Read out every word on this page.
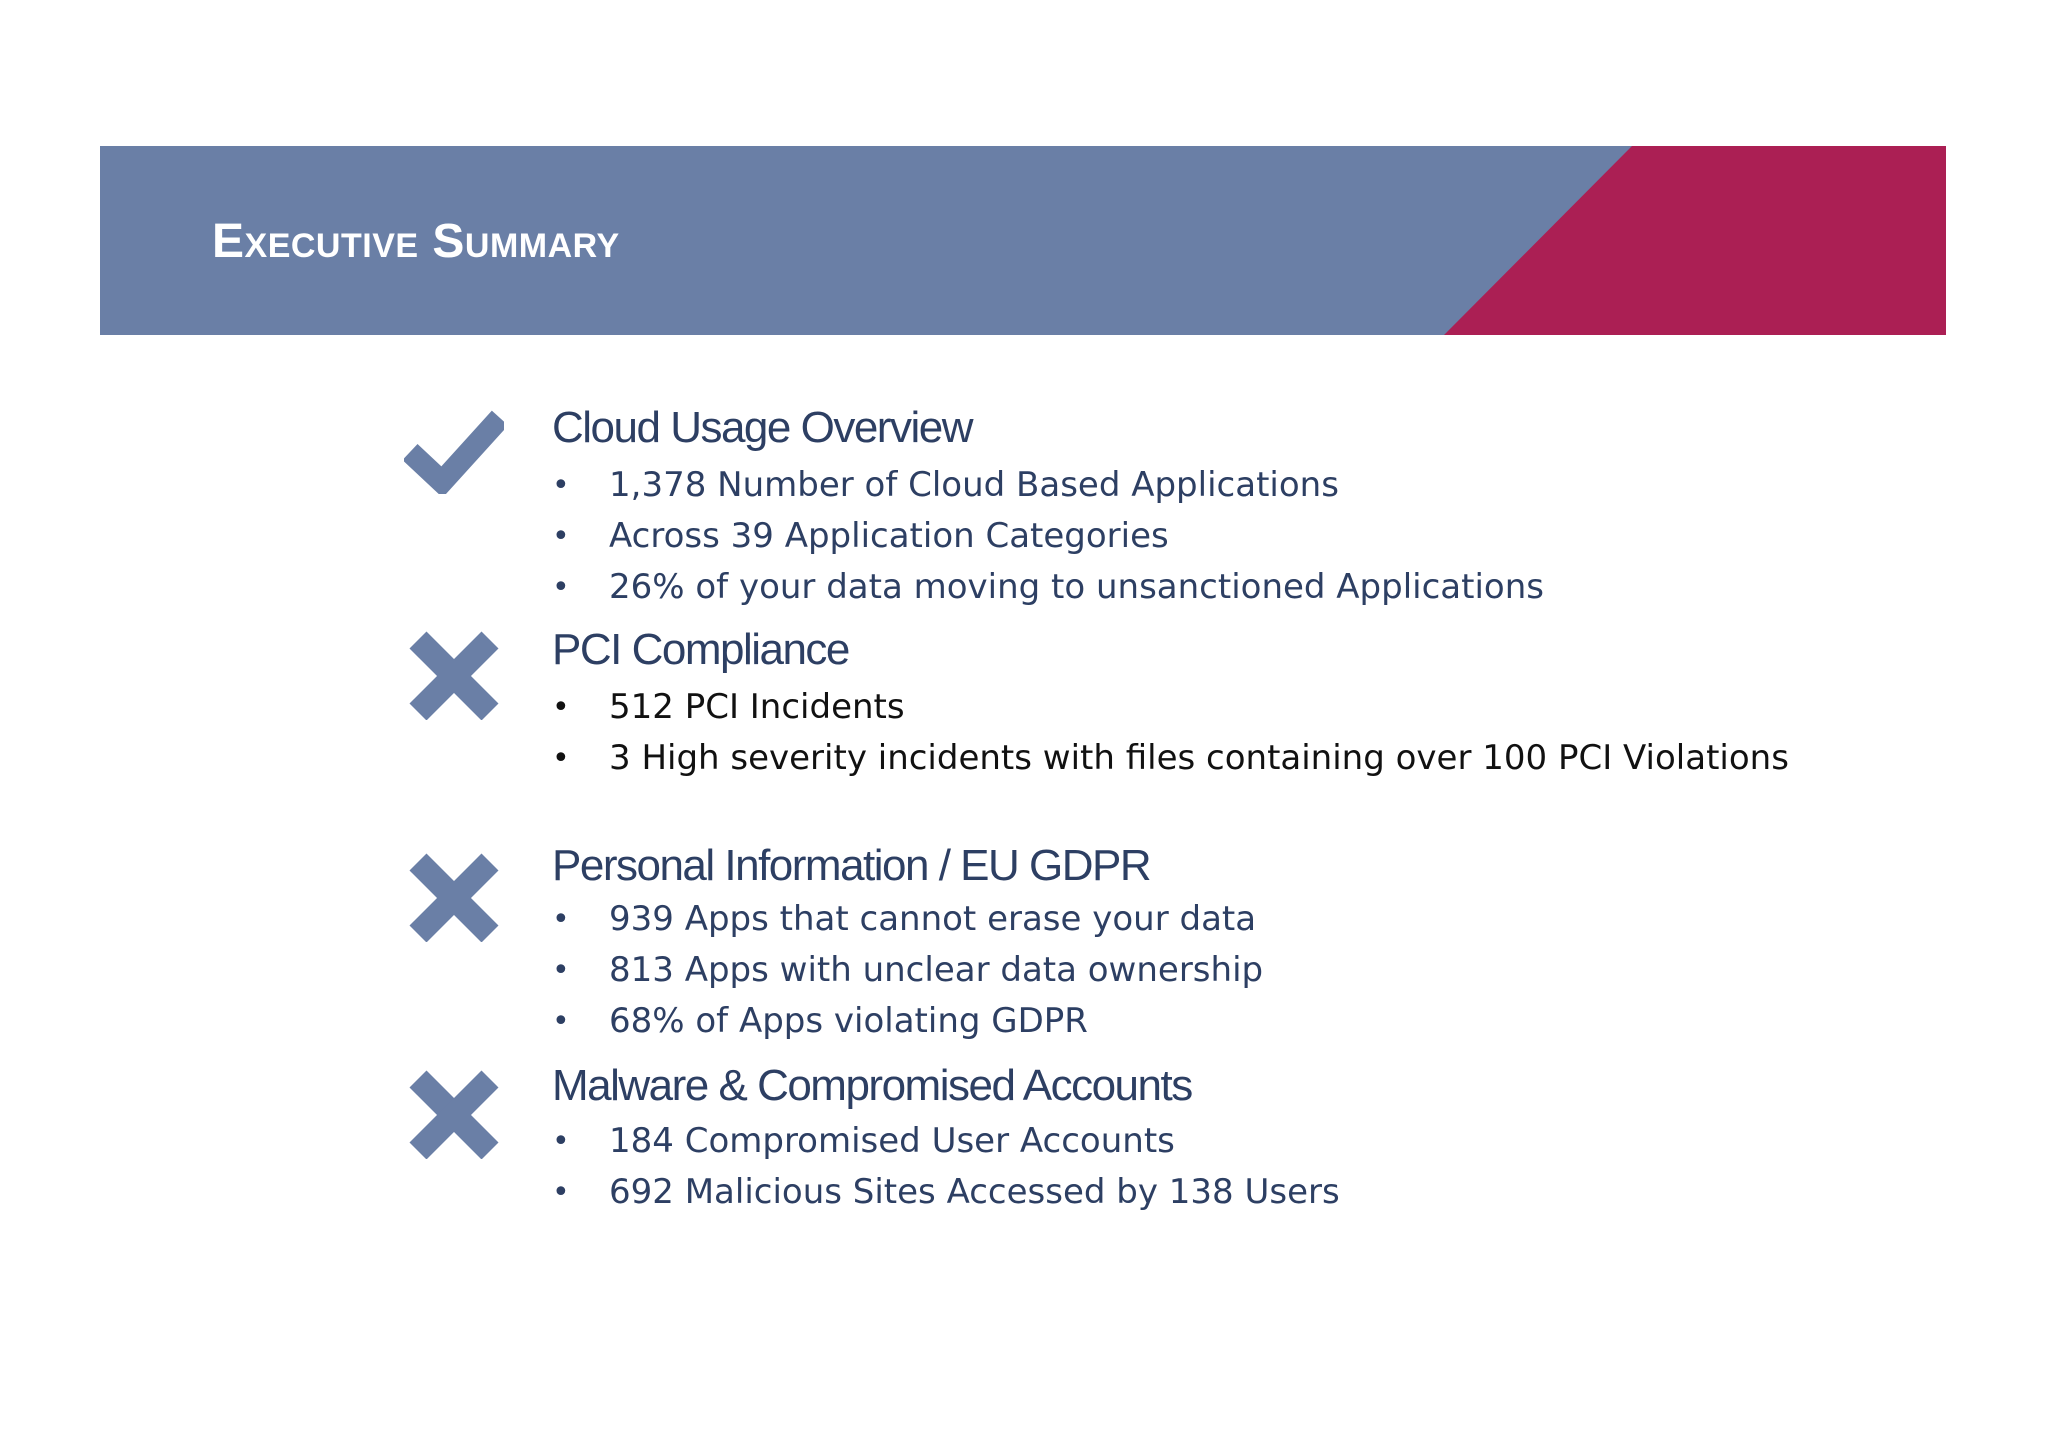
Executive Summary
Cloud Usage Overview
• 1,378 Number of Cloud Based Applications
• Across 39 Application Categories
• 26% of your data moving to unsanctioned Applications
PCI Compliance
• 512 PCI Incidents
• 3 High severity incidents with files containing over 100 PCI Violations
Personal Information / EU GDPR
• 939 Apps that cannot erase your data
• 813 Apps with unclear data ownership
• 68% of Apps violating GDPR
Malware & Compromised Accounts
• 184 Compromised User Accounts
• 692 Malicious Sites Accessed by 138 Users
